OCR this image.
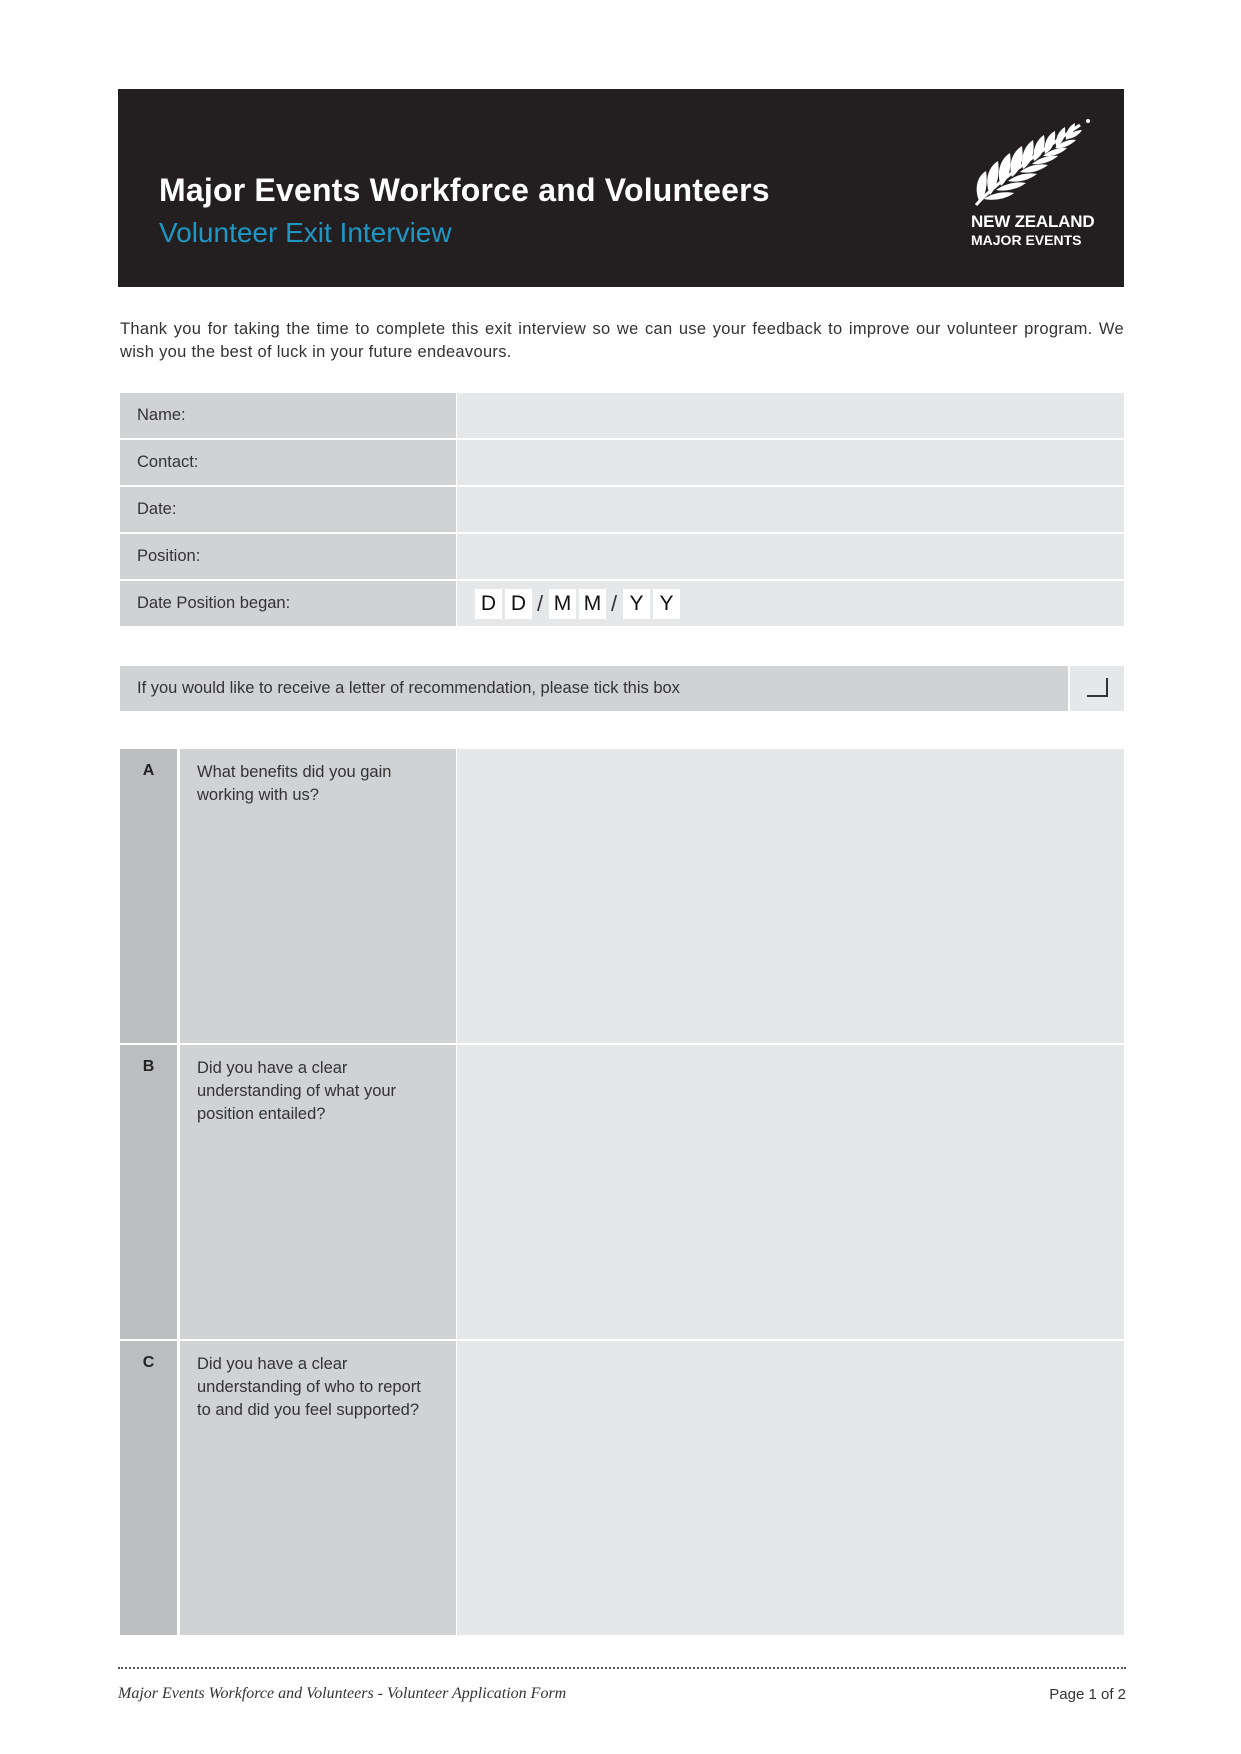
Major Events Workforce and Volunteers
Volunteer Exit Interview	NEW ZEALAND
MAJOR EVENTS
Thank you for taking the time to complete this exit interview so we can use your feedback to improve our volunteer program. We wish you the best of luck in your future endeavours.
Name:
Contact:
Date:
Position:
Date Position began:	D D / M M / Y Y
If you would like to receive a letter of recommendation, please tick this box
A	What benefits did you gain working with us?
B	Did you have a clear understanding of what your position entailed?
C	Did you have a clear understanding of who to report to and did you feel supported?
Major Events Workforce and Volunteers - Volunteer Application Form	Page 1 of 2
